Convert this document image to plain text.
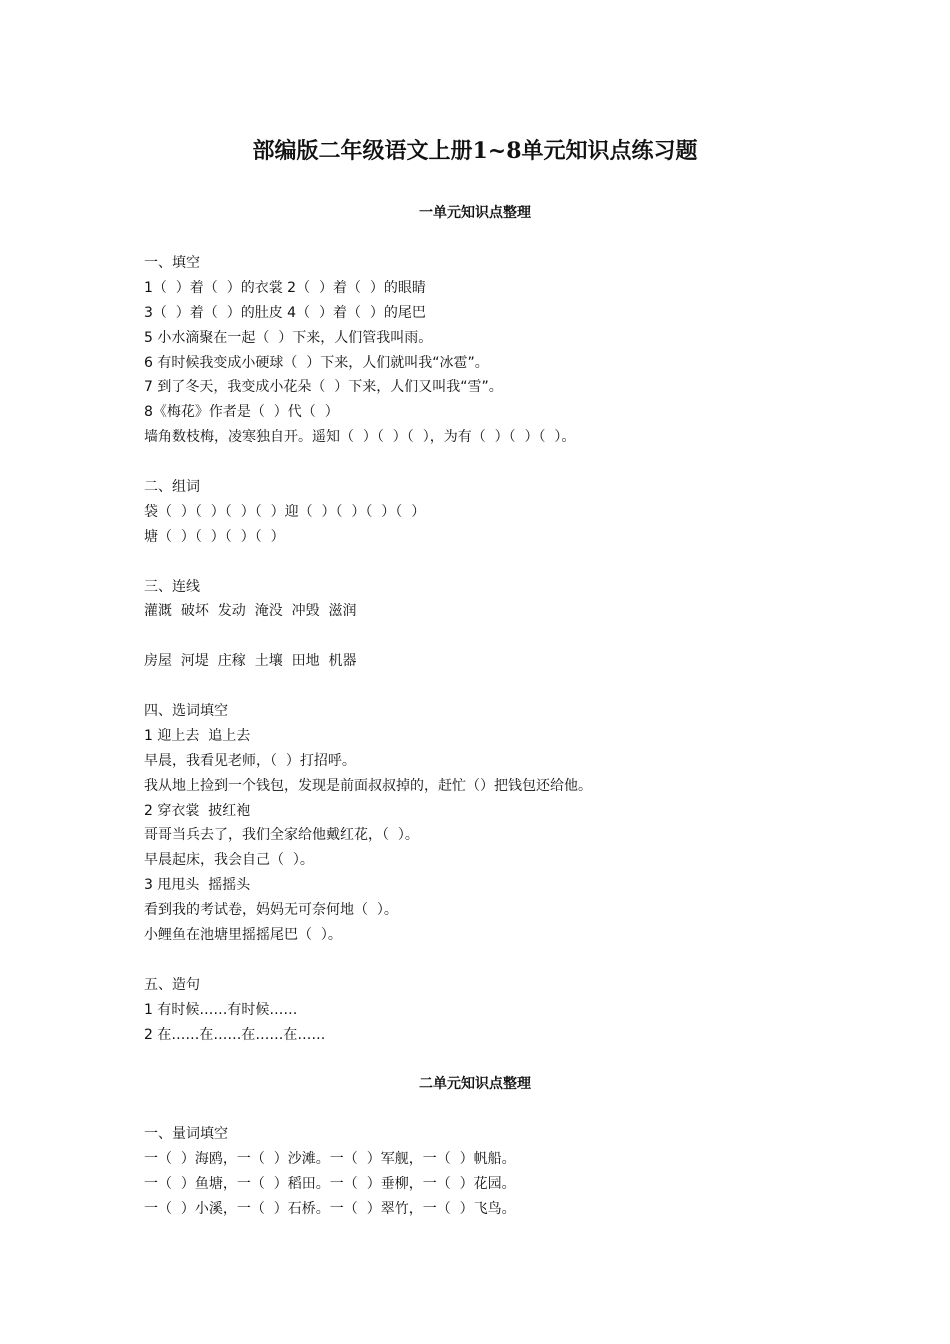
部编版二年级语文上册1~8单元知识点练习题
一单元知识点整理

一、填空

1（  ）着（  ）的衣裳 2（  ）着（  ）的眼睛

3（  ）着（  ）的肚皮 4（  ）着（  ）的尾巴

5 小水滴聚在一起（  ）下来，人们管我叫雨。

6 有时候我变成小硬球（  ）下来，人们就叫我“冰雹”。

7 到了冬天，我变成小花朵（  ）下来，人们又叫我“雪”。

8《梅花》作者是（  ）代（  ）

墙角数枝梅，凌寒独自开。遥知（  ）（  ）（  ），为有（  ）（  ）（  ）。

二、组词

袋（  ）（  ）（  ）（  ）迎（  ）（  ）（  ）（  ）

塘（  ）（  ）（  ）（  ）

三、连线

灌溉  破坏  发动  淹没  冲毁  滋润

房屋  河堤  庄稼  土壤  田地  机器

四、选词填空

1 迎上去  追上去

早晨，我看见老师，（  ）打招呼。

我从地上捡到一个钱包，发现是前面叔叔掉的，赶忙（）把钱包还给他。

2 穿衣裳  披红袍

哥哥当兵去了，我们全家给他戴红花，（  ）。

早晨起床，我会自己（  ）。

3 甩甩头  摇摇头

看到我的考试卷，妈妈无可奈何地（  ）。

小鲤鱼在池塘里摇摇尾巴（  ）。

五、造句

1 有时候……有时候……

2 在……在……在……在……

二单元知识点整理

一、量词填空

一（  ）海鸥，一（  ）沙滩。一（  ）军舰，一（  ）帆船。

一（  ）鱼塘，一（  ）稻田。一（  ）垂柳，一（  ）花园。

一（  ）小溪，一（  ）石桥。一（  ）翠竹，一（  ）飞鸟。
